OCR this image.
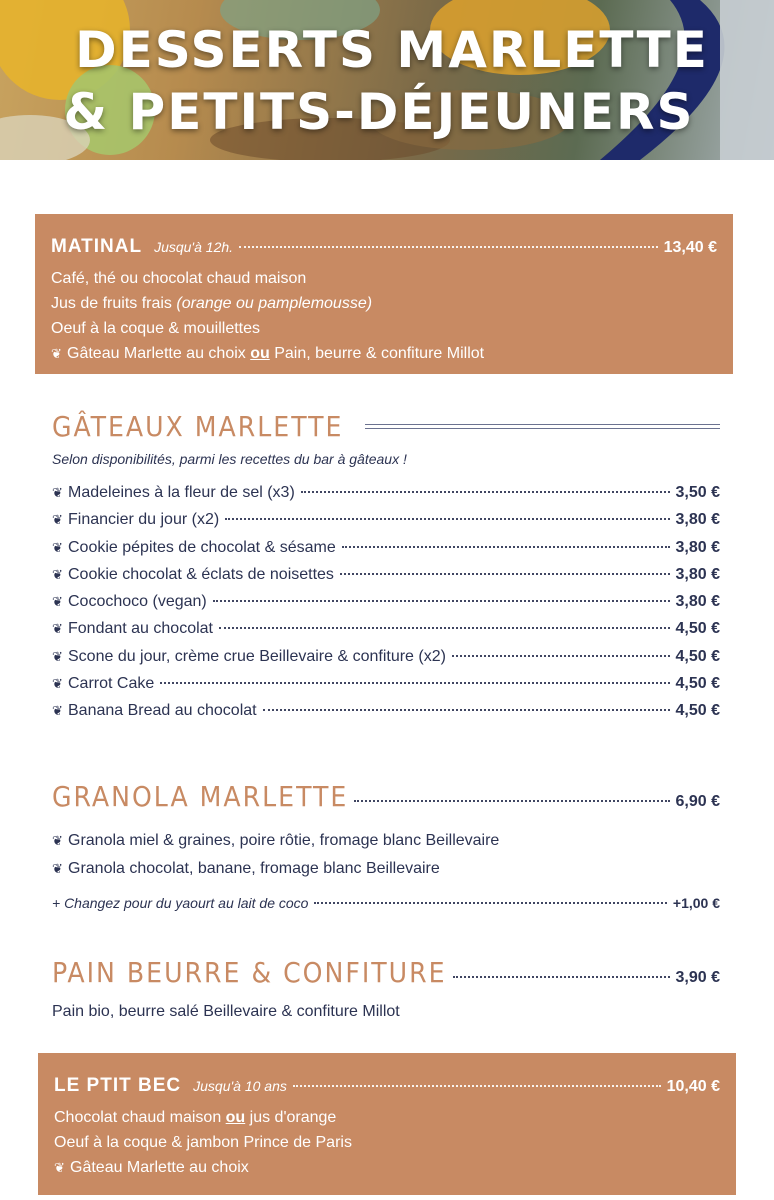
DESSERTS MARLETTE
& PETITS-DÉJEUNERS
MATINAL Jusqu'à 12h.	13,40 €
Café, thé ou chocolat chaud maison
Jus de fruits frais (orange ou pamplemousse)
Oeuf à la coque & mouillettes
❦ Gâteau Marlette au choix ou Pain, beurre & confiture Millot
GÂTEAUX MARLETTE
Selon disponibilités, parmi les recettes du bar à gâteaux !
❦ Madeleines à la fleur de sel (x3)	3,50 €
❦ Financier du jour (x2)	3,80 €
❦ Cookie pépites de chocolat & sésame	3,80 €
❦ Cookie chocolat & éclats de noisettes	3,80 €
❦ Cocochoco (vegan)	3,80 €
❦ Fondant au chocolat	4,50 €
❦ Scone du jour, crème crue Beillevaire & confiture (x2)	4,50 €
❦ Carrot Cake	4,50 €
❦ Banana Bread au chocolat	4,50 €
GRANOLA MARLETTE	6,90 €
❦ Granola miel & graines, poire rôtie, fromage blanc Beillevaire
❦ Granola chocolat, banane, fromage blanc Beillevaire
+ Changez pour du yaourt au lait de coco	+1,00 €
PAIN BEURRE & CONFITURE	3,90 €
Pain bio, beurre salé Beillevaire & confiture Millot
LE PTIT BEC Jusqu'à 10 ans	10,40 €
Chocolat chaud maison ou jus d'orange
Oeuf à la coque & jambon Prince de Paris
❦ Gâteau Marlette au choix
